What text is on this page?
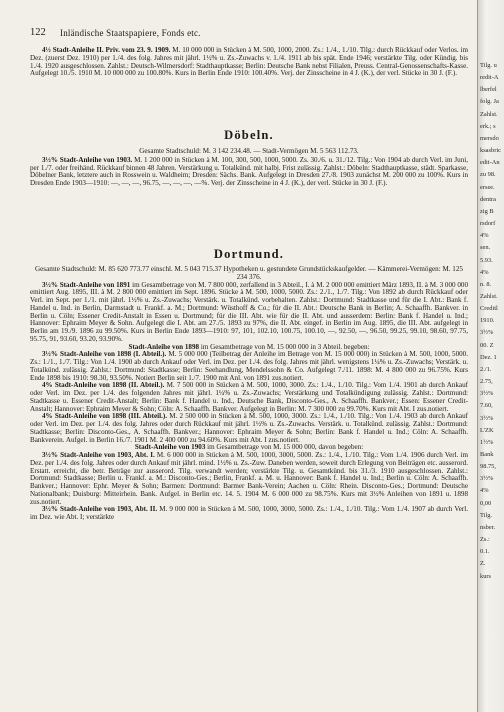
122 Inländische Staatspapiere, Fonds etc.

4½ Stadt-Anleihe II. Priv. vom 23. 9. 1909. M. 10 000 000 in Stücken à M. 500, 1000, 2000. Zs.: 1./4., 1./10. Tilg.: durch Rückkauf oder Verlos. im Dez. (zuerst Dez. 1910) per 1./4. des folg. Jahres mit jährl. 1½% u. Zs.-Zuwachs v. 1./4. 1911 ab bis spät. Ende 1946; verstärkte Tilg. oder Kündig. bis 1./4. 1920 ausgeschlossen. Zahlst.: Deutsch-Wilmersdorf: Stadthauptkasse; Berlin: Deutsche Bank nebst Filialen, Preuss. Central-Genossenschafts-Kasse. Aufgelegt 10./5. 1910 M. 10 000 000 zu 100.80%. Kurs in Berlin Ende 1910: 100.40%. Verj. der Zinsscheine in 4 J. (K.), der verl. Stücke in 30 J. (F.).

Döbeln.

Gesamte Stadtschuld: M. 3 142 234.48. — Stadt-Vermögen M. 5 563 112.73.

3½% Stadt-Anleihe von 1903. M. 1 200 000 in Stücken à M. 100, 300, 500, 1000, 5000. Zs. 30./6. u. 31./12. Tilg.: Von 1904 ab durch Verl. im Juni, per 1./7. oder freihänd. Rückkauf binnen 48 Jahren. Verstärkung u. Totalkünd. mit halbj. Frist zulässig. Zahlst.: Döbeln: Stadthauptkasse, städt. Sparkasse, Döbelner Bank, letztere auch in Rosswein u. Waldheim; Dresden: Sächs. Bank. Aufgelegt in Dresden 27./8. 1903 zunächst M. 200 000 zu 100%. Kurs in Dresden Ende 1903—1910: —, —, —, 96.75, —, —, —, —%. Verj. der Zinsscheine in 4 J. (K.), der verl. Stücke in 30 J. (F.).

Dortmund.

Gesamte Stadtschuld: M. 85 620 773.77 einschl. M. 5 043 715.37 Hypotheken u. gestundete Grundstückskaufgelder. — Kämmerei-Vermögen: M. 125 234 376.

3½% Stadt-Anleihe von 1891 im Gesamtbetrage von M. 7 800 000, zerfallend in 3 Abteil., I. à M. 2 000 000 emittiert März 1893, II. à M. 3 000 000 emittiert Aug. 1895, III. à M. 2 800 000 emittiert im Sept. 1896. Stücke à M. 500, 1000, 5000. Zs.: 2./1., 1./7. Tilg.: Von 1892 ab durch Rückkauf oder Verl. im Sept. per 1./1. mit jährl. 1½% u. Zs.-Zuwachs; Verstärk. u. Totalkünd. vorbehalten. Zahlst.: Dortmund: Stadtkasse und für die I. Abt.: Bank f. Handel u. Ind. in Berlin, Darmstadt u. Frankf. a. M.; Dortmund: Wüsthoff & Co.; für die II. Abt.: Deutsche Bank in Berlin; A. Schaaffh. Bankver. in Berlin u. Cöln; Essener Credit-Anstalt in Essen u. Dortmund; für die III. Abt. wie für die II. Abt. und ausserdem: Berlin: Bank f. Handel u. Ind.; Hannover: Ephraim Meyer & Sohn. Aufgelegt die I. Abt. am 27./5. 1893 zu 97%, die II. Abt. eingef. in Berlin im Aug. 1895, die III. Abt. aufgelegt in Berlin am 19./9. 1896 zu 99.50%. Kurs in Berlin Ende 1893—1910: 97, 101, 102.10, 100.75, 100.10, —, 92.50, —, 96.50, 99.25, 99.10, 98.60, 97.75, 95.75, 91, 93.60, 93.20, 93.90%.

Stadt-Anleihe von 1898 im Gesamtbetrage von M. 15 000 000 in 3 Abteil. begeben:

3½% Stadt-Anleihe von 1898 (I. Abteil.). M. 5 000 000 (Teilbetrag der Anleihe im Betrage von M. 15 000 000) in Stücken à M. 500, 1000, 5000. Zs.: 1./1., 1./7. Tilg.: Von 1./4. 1900 ab durch Ankauf oder Verl. im Dez. per 1./4. des folg. Jahres mit jährl. wenigstens 1¼% u. Zs.-Zuwachs; Verstärk. u. Totalkünd. zulässig. Zahlst.: Dortmund: Stadtkasse; Berlin: Seehandlung, Mendelssohn & Co. Aufgelegt 7./11. 1898: M. 4 800 000 zu 96.75%. Kurs Ende 1898 bis 1910: 98.30, 93.50%. Notiert Berlin seit 1./7. 1900 mit Anl. von 1891 zus.notiert.

4% Stadt-Anleihe von 1898 (II. Abteil.). M. 7 500 000 in Stücken à M. 500, 1000, 3000. Zs.: 1./4., 1./10. Tilg.: Vom 1./4. 1901 ab durch Ankauf oder Verl. im Dez. per 1./4. des folgenden Jahres mit jährl. 1¼% u. Zs.-Zuwachs; Verstärkung und Totalkündigung zulässig. Zahlst.: Dortmund: Stadtkasse u. Essener Credit-Anstalt; Berlin: Bank f. Handel u. Ind., Deutsche Bank, Disconto-Ges., A. Schaaffh. Bankver.; Essen: Essener Credit-Anstalt; Hannover: Ephraim Meyer & Sohn; Cöln: A. Schaaffh. Bankver. Aufgelegt in Berlin: M. 7 300 000 zu 99.70%. Kurs mit Abt. I zus.notiert.

4% Stadt-Anleihe von 1898 (III. Abteil.). M. 2 500 000 in Stücken à M. 500, 1000, 3000. Zs.: 1./4., 1./10. Tilg.: Von 1./4. 1903 ab durch Ankauf oder Verl. im Dez. per 1./4. des folg. Jahres oder durch Rückkauf mit jährl. 1½% u. Zs.-Zuwachs. Verstärk. u. Totalkünd. zulässig. Zahlst.: Dortmund: Stadtkasse; Berlin: Disconto-Ges., A. Schaaffh. Bankver.; Hannover: Ephraim Meyer & Sohn; Berlin: Bank f. Handel u. Ind.; Cöln: A. Schaaffh. Bankverein. Aufgel. in Berlin 16./7. 1901 M. 2 400 000 zu 94.60%. Kurs mit Abt. I zus.notiert.

Stadt-Anleihe von 1903 im Gesamtbetrage von M. 15 000 000, davon begeben:

3½% Stadt-Anleihe von 1903, Abt. I. M. 6 000 000 in Stücken à M. 500, 1000, 3000, 5000. Zs.: 1./4., 1./10. Tilg.: Vom 1./4. 1906 durch Verl. im Dez. per 1./4. des folg. Jahres oder durch Ankauf mit jährl. mind. 1½% u. Zs.-Zuw. Daneben werden, soweit durch Erlegung von Beiträgen etc. ausserord. Erstatt. erreicht, die betr. Beträge zur ausserord. Tilg. verwandt werden; verstärkte Tilg. u. Gesamtkünd. bis 31./3. 1910 ausgeschlossen. Zahlst.: Dortmund: Stadtkasse; Berlin u. Frankf. a. M.: Disconto-Ges.; Berlin, Frankf. a. M. u. Hannover: Bank f. Handel u. Ind.; Berlin u. Cöln: A. Schaaffh. Bankver.; Hannover: Ephr. Meyer & Sohn; Barmen: Dortmund: Barmer Bank-Verein; Aachen u. Cöln: Rhein. Disconto-Ges.; Dortmund: Deutsche Nationalbank; Duisburg: Mitteirhein. Bank. Aufgel. in Berlin etc. 14. 5. 1904 M. 6 000 000 zu 98.75%. Kurs mit 3½% Anleihen von 1891 u. 1898 zus.notiert.

3½% Stadt-Anleihe von 1903, Abt. II. M. 9 000 000 in Stücken à M. 500, 1000, 3000, 5000. Zs.: 1./4., 1./10. Tilg.: Vom 1./4. 1907 ab durch Verl. im Dez. wie Abt. I; verstärkte

Tilg. u
redit-A
lberfel
folg. Ja
Zahlst.
erk.; s
mersdo
ksasbric
edit-An
zu 98.
ersee.
dentra
zig B
rsdorf
4%
sen.
5.93.
4%
n. 8.
Zahlst.
Creditl
1910.
3½%
00. Z
Dez. 1
2./1.
2.75,
3½%
7.60,
3½%
L'ZK
1½%
Bank
98.75,
3½%
4%
0,00
Tilg.
nsber.
Zs.:
0.1.
Z.
kurs
